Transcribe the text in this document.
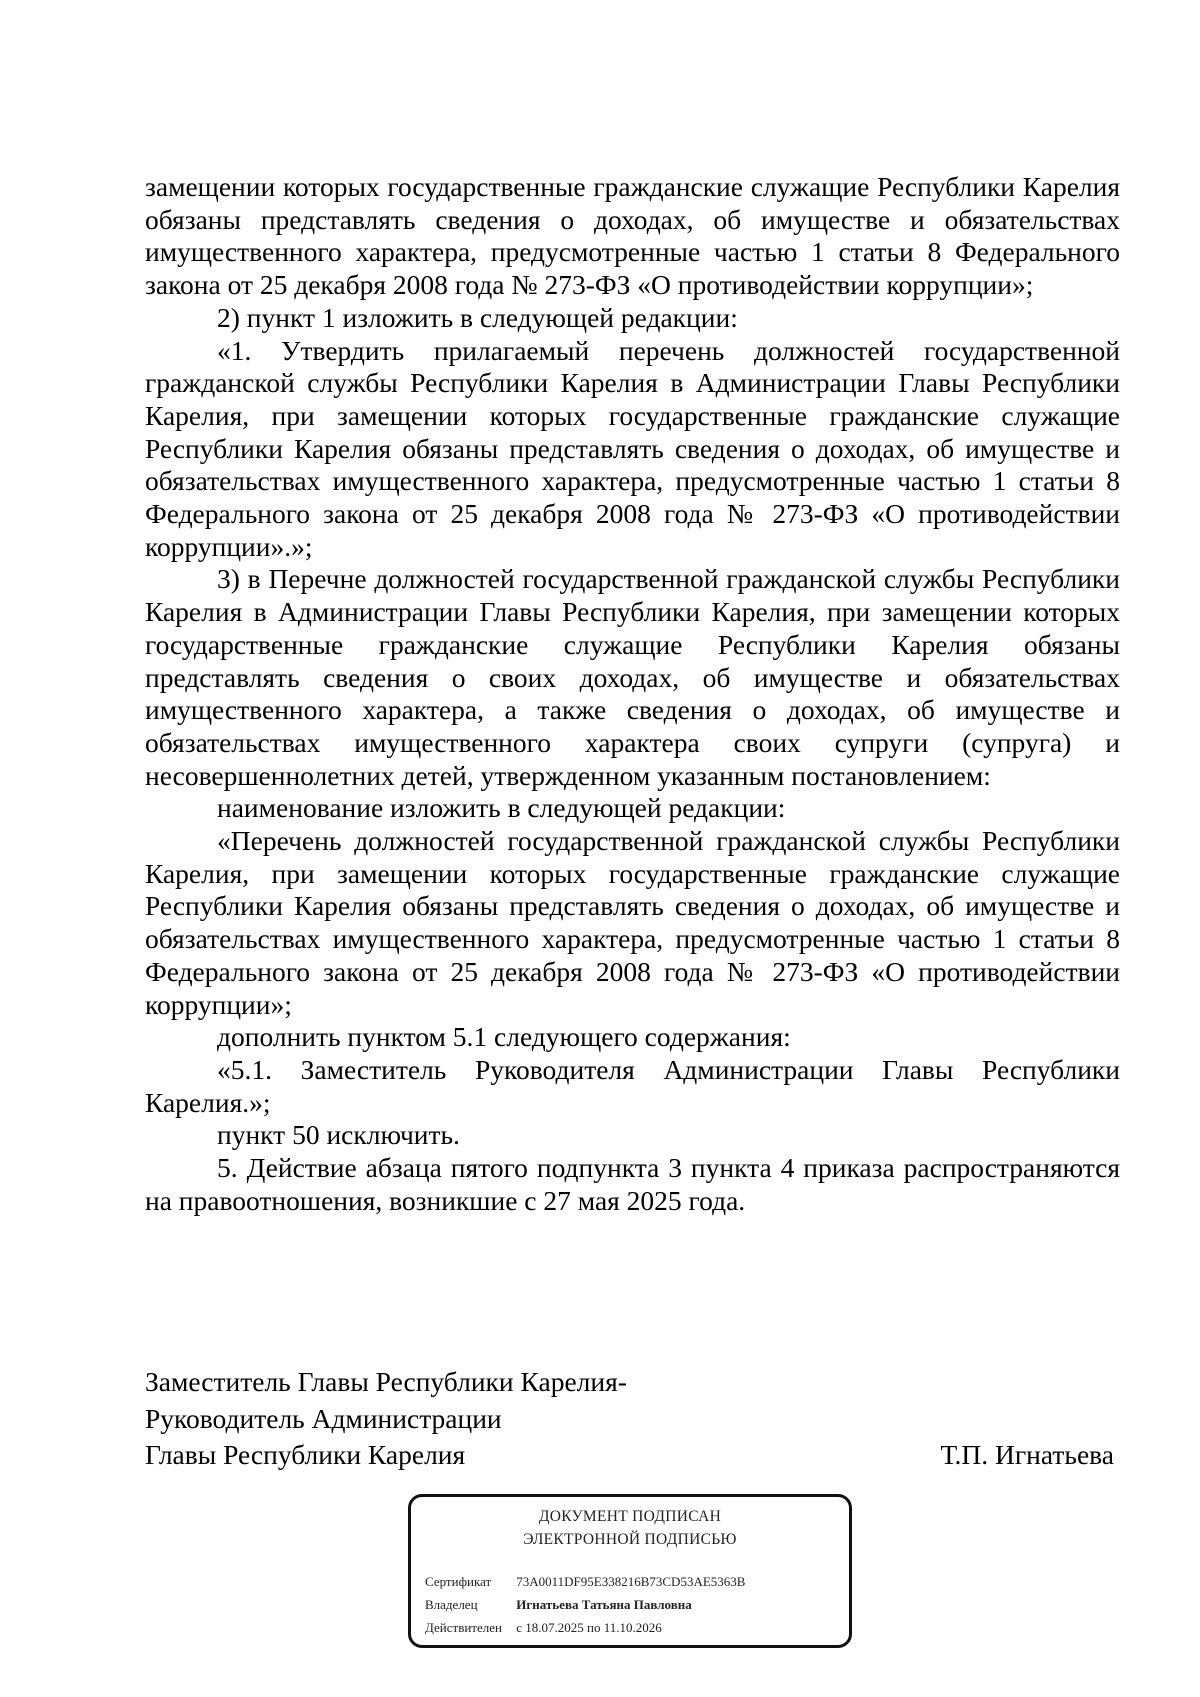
замещении которых государственные гражданские служащие Республики Карелия обязаны представлять сведения о доходах, об имуществе и обязательствах имущественного характера, предусмотренные частью 1 статьи 8 Федерального закона от 25 декабря 2008 года № 273-ФЗ «О противодействии коррупции»;

2) пункт 1 изложить в следующей редакции:

«1. Утвердить прилагаемый перечень должностей государственной гражданской службы Республики Карелия в Администрации Главы Республики Карелия, при замещении которых государственные гражданские служащие Республики Карелия обязаны представлять сведения о доходах, об имуществе и обязательствах имущественного характера, предусмотренные частью 1 статьи 8 Федерального закона от 25 декабря 2008 года № 273-ФЗ «О противодействии коррупции».»;

3) в Перечне должностей государственной гражданской службы Республики Карелия в Администрации Главы Республики Карелия, при замещении которых государственные гражданские служащие Республики Карелия обязаны представлять сведения о своих доходах, об имуществе и обязательствах имущественного характера, а также сведения о доходах, об имуществе и обязательствах имущественного характера своих супруги (супруга) и несовершеннолетних детей, утвержденном указанным постановлением:

наименование изложить в следующей редакции:

«Перечень должностей государственной гражданской службы Республики Карелия, при замещении которых государственные гражданские служащие Республики Карелия обязаны представлять сведения о доходах, об имуществе и обязательствах имущественного характера, предусмотренные частью 1 статьи 8 Федерального закона от 25 декабря 2008 года № 273-ФЗ «О противодействии коррупции»;

дополнить пунктом 5.1 следующего содержания:

«5.1. Заместитель Руководителя Администрации Главы Республики Карелия.»;

пункт 50 исключить.

5. Действие абзаца пятого подпункта 3 пункта 4 приказа распространяются на правоотношения, возникшие с 27 мая 2025 года.

Заместитель Главы Республики Карелия-
Руководитель Администрации
Главы Республики Карелия	Т.П. Игнатьева
ДОКУМЕНТ ПОДПИСАН
ЭЛЕКТРОННОЙ ПОДПИСЬЮ
Сертификат 73A0011DF95E338216B73CD53AE5363B
Владелец	Игнатьева Татьяна Павловна
Действителен с 18.07.2025 по 11.10.2026
